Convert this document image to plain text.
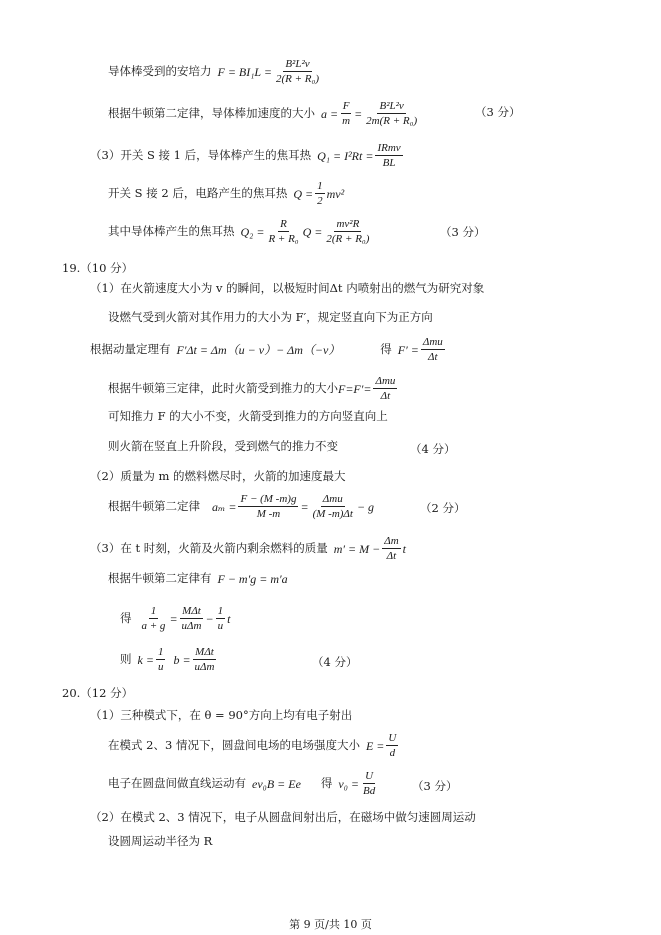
导体棒受到的安培力 $F = BI_1L = \frac{\text{B²L²v}}{\text{2(R + R₀)}}$
根据牛顿第二定律，导体棒加速度的大小 $a = \frac{F}{m} = \frac{\text{B²L²v}}{\text{2m(R + R₀)}}$	（3 分）
（3）开关 S 接 1 后，导体棒产生的焦耳热 $Q_1 = I^2Rt = \frac{\text{IRmv}}{BL}$
开关 S 接 2 后，电路产生的焦耳热 $Q = \frac{1}{2} mv^2$
其中导体棒产生的焦耳热 $Q_2 = \frac{R}{\text{R + R₀}}$ $Q = \frac{\text{mv²R}}{\text{2(R + R₀)}}$	（3 分）
19.（10 分）
（1）在火箭速度大小为 v 的瞬间，以极短时间Δt 内喷射出的燃气为研究对象
设燃气受到火箭对其作用力的大小为 F′，规定竖直向下为正方向
根据动量定理有 F′Δt = Δm（u − v）− Δm（−v）	得 $F' = \frac{\text{Δmu}}{\Delta t}$
根据牛顿第三定律，此时火箭受到推力的大小 $F=F'= \frac{\text{Δmu}}{\Delta t}$
可知推力 F 的大小不变，火箭受到推力的方向竖直向上
则火箭在竖直上升阶段，受到燃气的推力不变	（4 分）
（2）质量为 m 的燃料燃尽时，火箭的加速度最大
根据牛顿第二定律 $a_m = \frac{F - (M -m)g}{M -m} = \frac{\text{Δmu}}{(M -m)\Delta t} - g$	（2 分）
（3）在 t 时刻，火箭及火箭内剩余燃料的质量 $m' = M - \frac{\Delta m}{\Delta t}$ t
根据牛顿第二定律有 F − m′g = m′a
得 $\frac{1}{a + g} = \frac{\text{MΔt}}{\text{uΔm}} - \frac{1}{u}$ t
则 $k = \frac{1}{u}$ $b = \frac{\text{MΔt}}{\text{uΔm}}$	（4 分）
20.（12 分）
（1）三种模式下，在 θ = 90°方向上均有电子射出
在模式 2、3 情况下，圆盘间电场的电场强度大小 $E = \frac{U}{d}$
电子在圆盘间做直线运动有 ev₀B = Ee 得 $v_0 = \frac{U}{Bd}$	（3 分）
（2）在模式 2、3 情况下，电子从圆盘间射出后，在磁场中做匀速圆周运动
设圆周运动半径为 R
第 9 页/共 10 页
